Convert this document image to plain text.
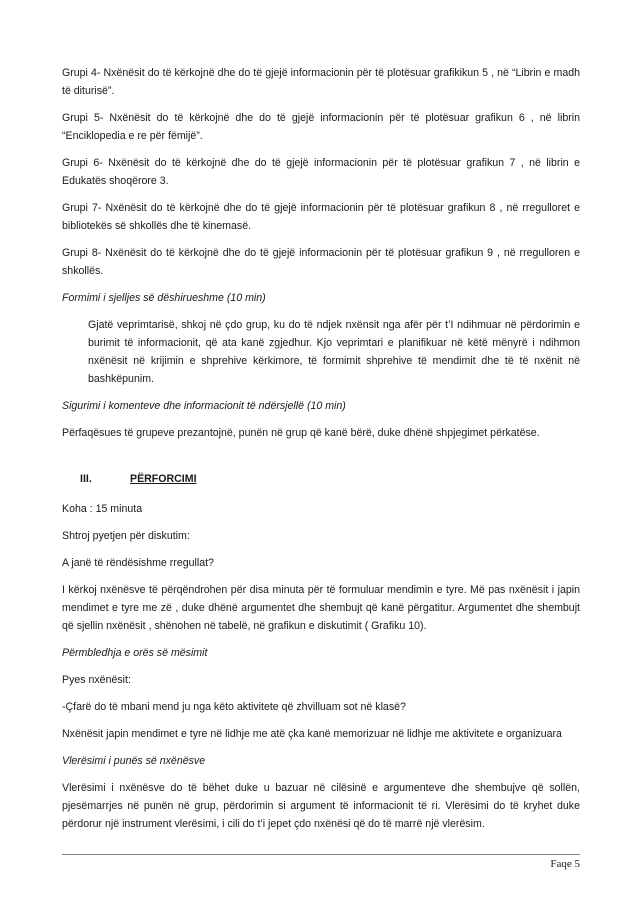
Grupi 4- Nxënësit do të kërkojnë dhe do të gjejë informacionin për të plotësuar grafikikun 5 , në “Librin e madh të diturisë”.

Grupi 5- Nxënësit do të kërkojnë dhe do të gjejë informacionin për të plotësuar grafikun 6 , në librin “Enciklopedia e re për fëmijë”.

Grupi 6- Nxënësit do të kërkojnë dhe do të gjejë informacionin për të plotësuar grafikun 7 , në librin e Edukatës shoqërore 3.

Grupi 7- Nxënësit do të kërkojnë dhe do të gjejë informacionin për të plotësuar grafikun 8 , në rregulloret e bibliotekës së shkollës dhe të kinemasë.

Grupi 8- Nxënësit do të kërkojnë dhe do të gjejë informacionin për të plotësuar grafikun 9 , në rregulloren e shkollës.

Formimi i sjelljes së dëshirueshme (10 min)

Gjatë veprimtarisë, shkoj në çdo grup, ku do të ndjek nxënsit nga afër për t’I ndihmuar në përdorimin e burimit të informacionit, që ata kanë zgjedhur. Kjo veprimtari e planifikuar në këtë mënyrë i ndihmon nxënësit në krijimin e shprehive kërkimore, të formimit shprehive të mendimit dhe të të nxënit në bashkëpunim.

Sigurimi i komenteve dhe informacionit të ndërsjellë (10 min)

Përfaqësues të grupeve prezantojnë, punën në grup që kanë bërë, duke dhënë shpjegimet përkatëse.

III.	PËRFORCIMI

Koha : 15 minuta

Shtroj pyetjen për diskutim:

A janë të rëndësishme rregullat?

I kërkoj nxënësve të përqëndrohen për disa minuta për të formuluar mendimin e tyre. Më pas nxënësit i japin mendimet e tyre me zë , duke dhënë argumentet dhe shembujt që kanë përgatitur. Argumentet dhe shembujt që sjellin nxënësit , shënohen në tabelë, në grafikun e diskutimit ( Grafiku 10).

Përmbledhja e orës së mësimit

Pyes nxënësit:

-Çfarë do të mbani mend ju nga këto aktivitete që zhvilluam sot në klasë?

Nxënësit japin mendimet e tyre në lidhje me atë çka kanë memorizuar në lidhje me aktivitete e organizuara

Vlerësimi i punës së nxënësve

Vlerësimi i nxënësve do të bëhet duke u bazuar në cilësinë e argumenteve dhe shembujve që sollën, pjesëmarrjes në punën në grup, përdorimin si argument të informacionit të ri. Vlerësimi do të kryhet duke përdorur një instrument vlerësimi, i cili do t’i jepet çdo nxënësi që do të marrë një vlerësim.

Faqe 5
